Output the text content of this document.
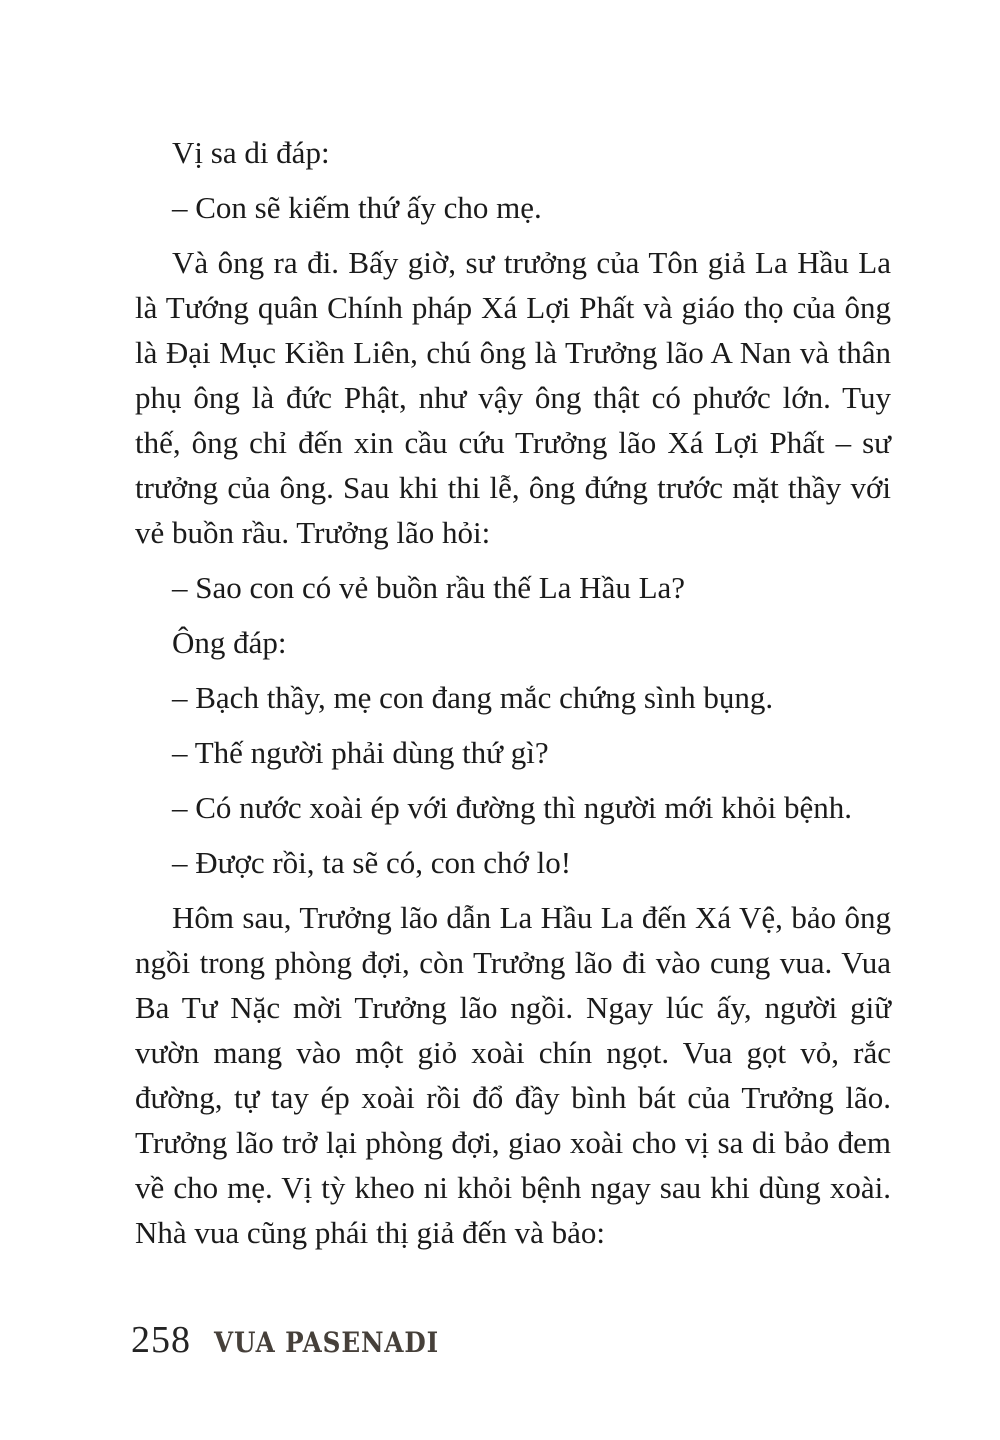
Vị sa di đáp:

– Con sẽ kiếm thứ ấy cho mẹ.

Và ông ra đi. Bấy giờ, sư trưởng của Tôn giả La Hầu La là Tướng quân Chính pháp Xá Lợi Phất và giáo thọ của ông là Đại Mục Kiền Liên, chú ông là Trưởng lão A Nan và thân phụ ông là đức Phật, như vậy ông thật có phước lớn. Tuy thế, ông chỉ đến xin cầu cứu Trưởng lão Xá Lợi Phất – sư trưởng của ông. Sau khi thi lễ, ông đứng trước mặt thầy với vẻ buồn rầu. Trưởng lão hỏi:

– Sao con có vẻ buồn rầu thế La Hầu La?

Ông đáp:

– Bạch thầy, mẹ con đang mắc chứng sình bụng.

– Thế người phải dùng thứ gì?

– Có nước xoài ép với đường thì người mới khỏi bệnh.

– Được rồi, ta sẽ có, con chớ lo!

Hôm sau, Trưởng lão dẫn La Hầu La đến Xá Vệ, bảo ông ngồi trong phòng đợi, còn Trưởng lão đi vào cung vua. Vua Ba Tư Nặc mời Trưởng lão ngồi. Ngay lúc ấy, người giữ vườn mang vào một giỏ xoài chín ngọt. Vua gọt vỏ, rắc đường, tự tay ép xoài rồi đổ đầy bình bát của Trưởng lão. Trưởng lão trở lại phòng đợi, giao xoài cho vị sa di bảo đem về cho mẹ. Vị tỳ kheo ni khỏi bệnh ngay sau khi dùng xoài. Nhà vua cũng phái thị giả đến và bảo:

258 VUA PASENADI
